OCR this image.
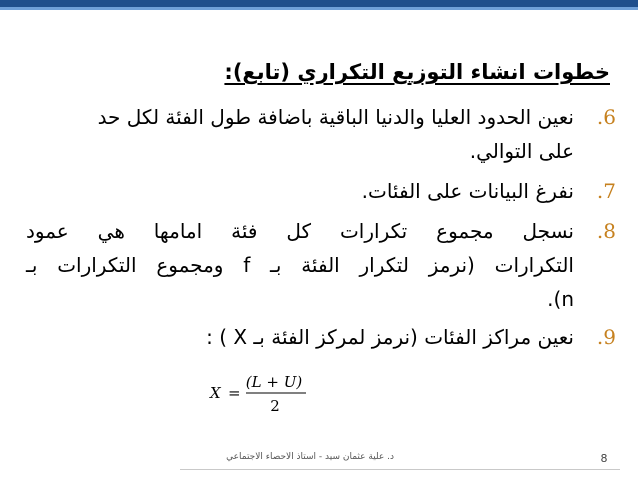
خطوات انشاء التوزيع التكراري (تابع):
.6
نعين الحدود العليا والدنيا الباقية باضافة طول الفئة لكل حد
على التوالي.
.7
نفرغ البيانات على الفئات.
.8
نسجل مجموع تكرارات كل فئة امامها هي عمود
التكرارات (نرمز لتكرار الفئة بـ f ومجموع التكرارات بـ
n).
.9
نعين مراكز الفئات (نرمز لمركز الفئة بـ X ) :
X =
(L + U)
2
د. علية عثمان سيد - استاذ الاحصاء الاجتماعي	8
